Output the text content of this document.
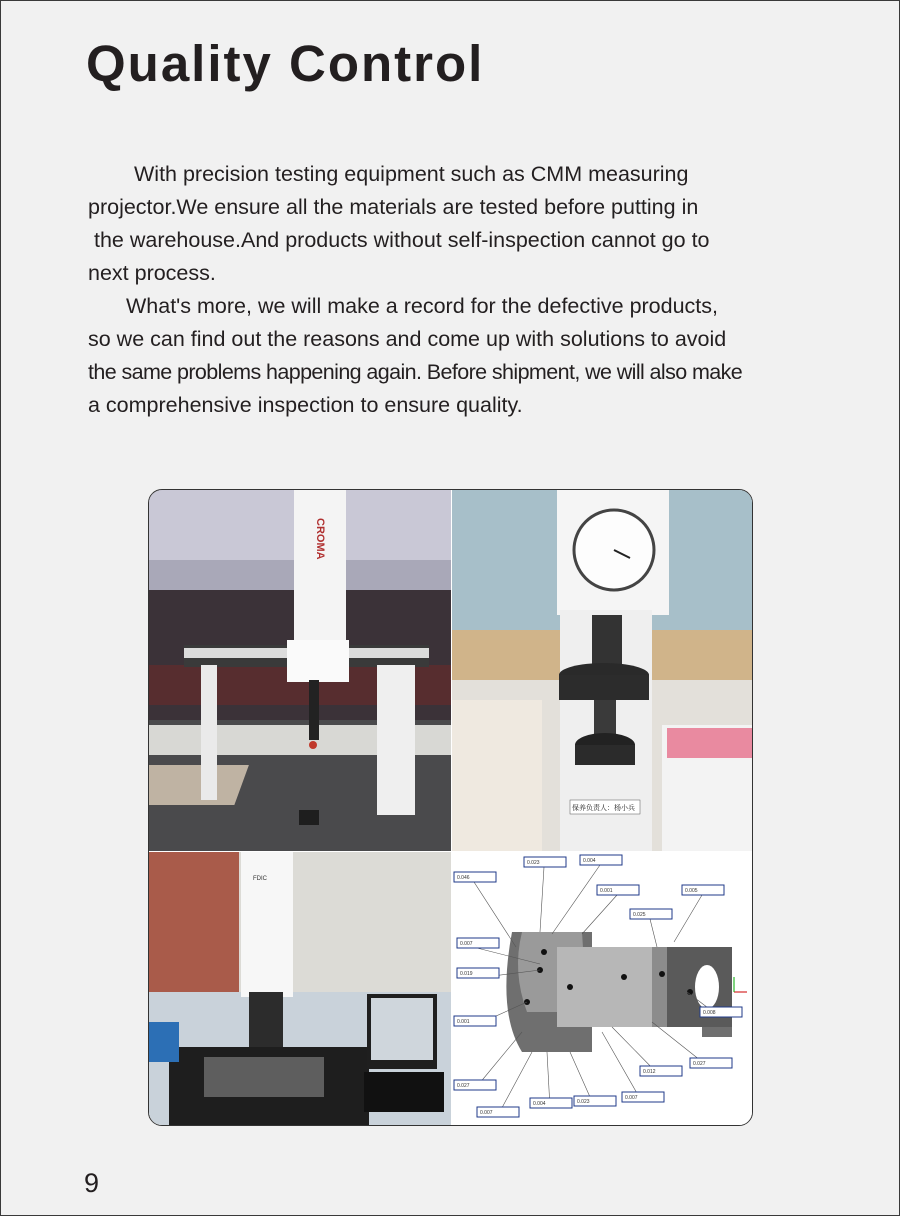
Quality Control

With precision testing equipment such as CMM measuring
projector.We ensure all the materials are tested before putting in
the warehouse.And products without self-inspection cannot go to
next process.

What's more, we will make a record for the defective products,
so we can find out the reasons and come up with solutions to avoid
the same problems happening again. Before shipment, we will also make
a comprehensive inspection to ensure quality.

CROMA
保养负责人：杨小兵
FDIC
0.023	0.004
0.046
0.001	0.005
0.025
0.007
0.019
0.008
0.001
0.027
0.012
0.027
0.007
0.007
0.004	0.023
9
